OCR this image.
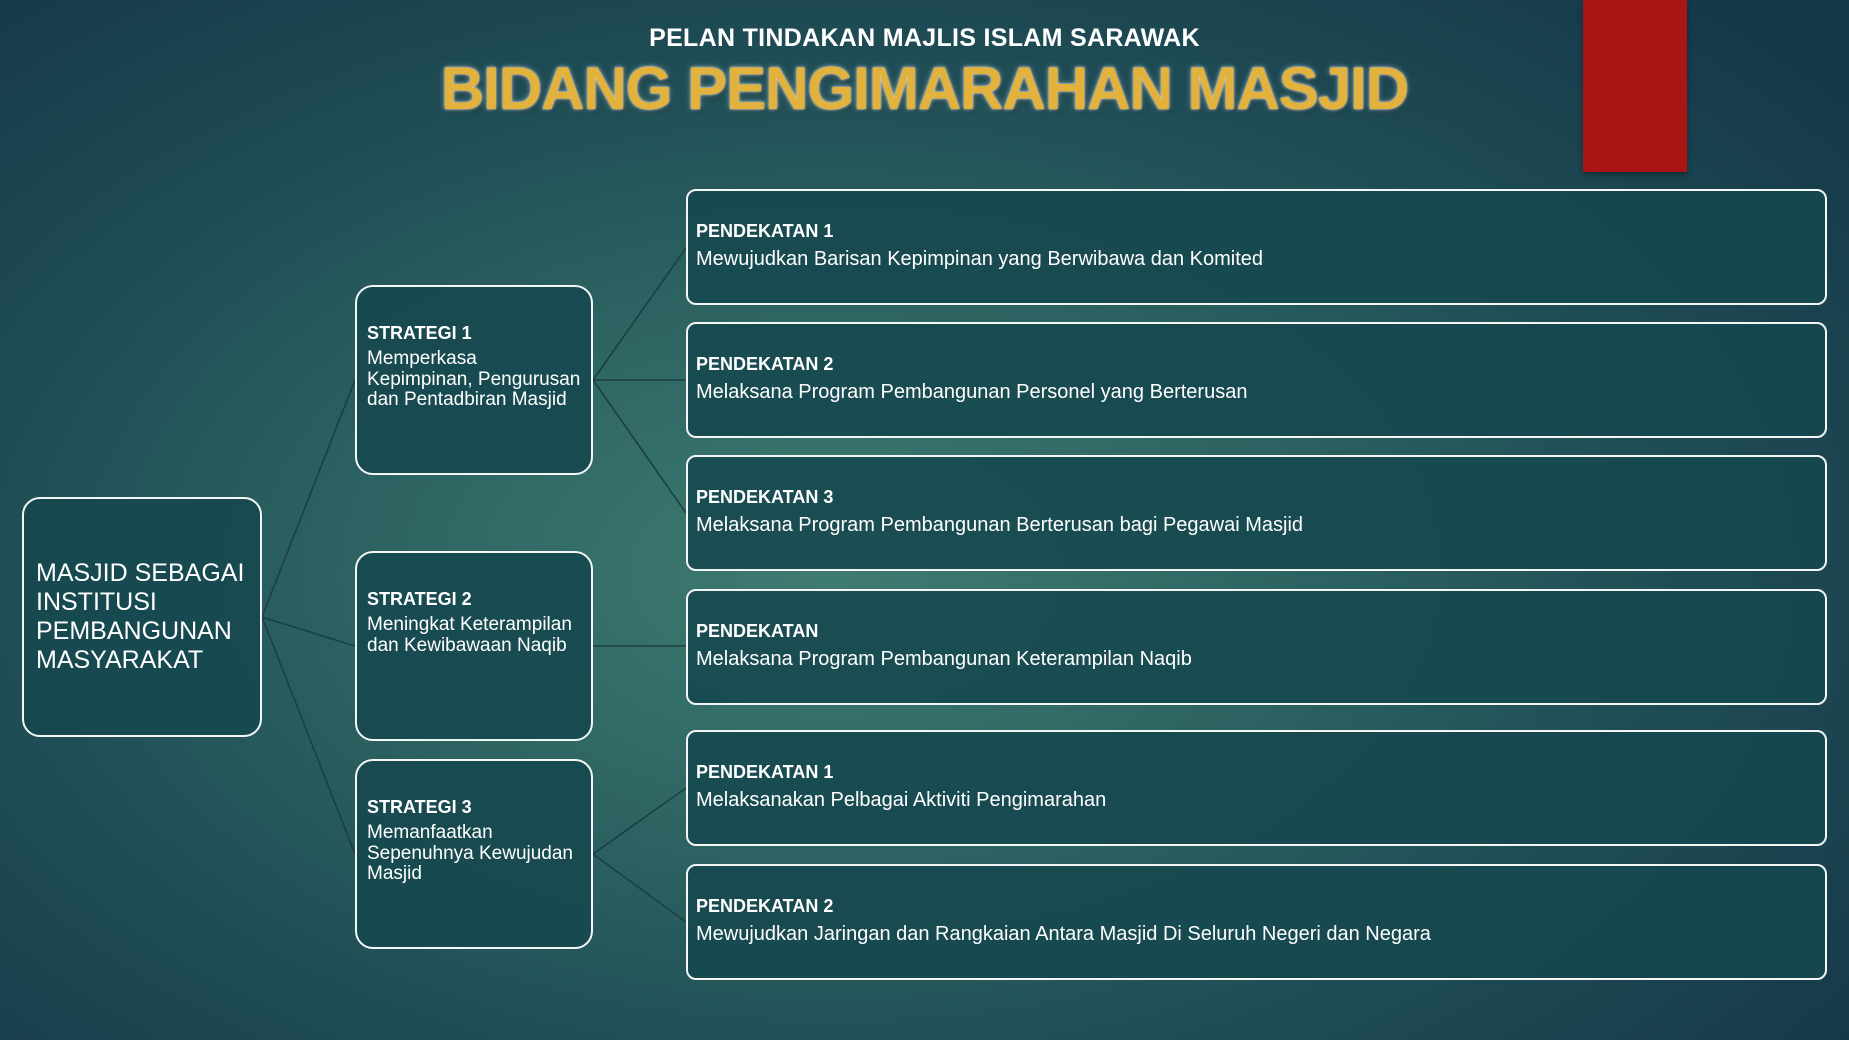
PELAN TINDAKAN MAJLIS ISLAM SARAWAK
BIDANG PENGIMARAHAN MASJID
MASJID SEBAGAI INSTITUSI PEMBANGUNAN MASYARAKAT
STRATEGI 1
Memperkasa Kepimpinan, Pengurusan dan Pentadbiran Masjid
STRATEGI 2
Meningkat Keterampilan dan Kewibawaan Naqib
STRATEGI 3
Memanfaatkan Sepenuhnya Kewujudan Masjid
PENDEKATAN 1
Mewujudkan Barisan Kepimpinan yang Berwibawa dan Komited
PENDEKATAN 2
Melaksana Program Pembangunan Personel yang Berterusan
PENDEKATAN 3
Melaksana Program Pembangunan Berterusan bagi Pegawai Masjid
PENDEKATAN
Melaksana Program Pembangunan Keterampilan Naqib
PENDEKATAN 1
Melaksanakan Pelbagai Aktiviti Pengimarahan
PENDEKATAN 2
Mewujudkan Jaringan dan Rangkaian Antara Masjid Di Seluruh Negeri dan Negara
